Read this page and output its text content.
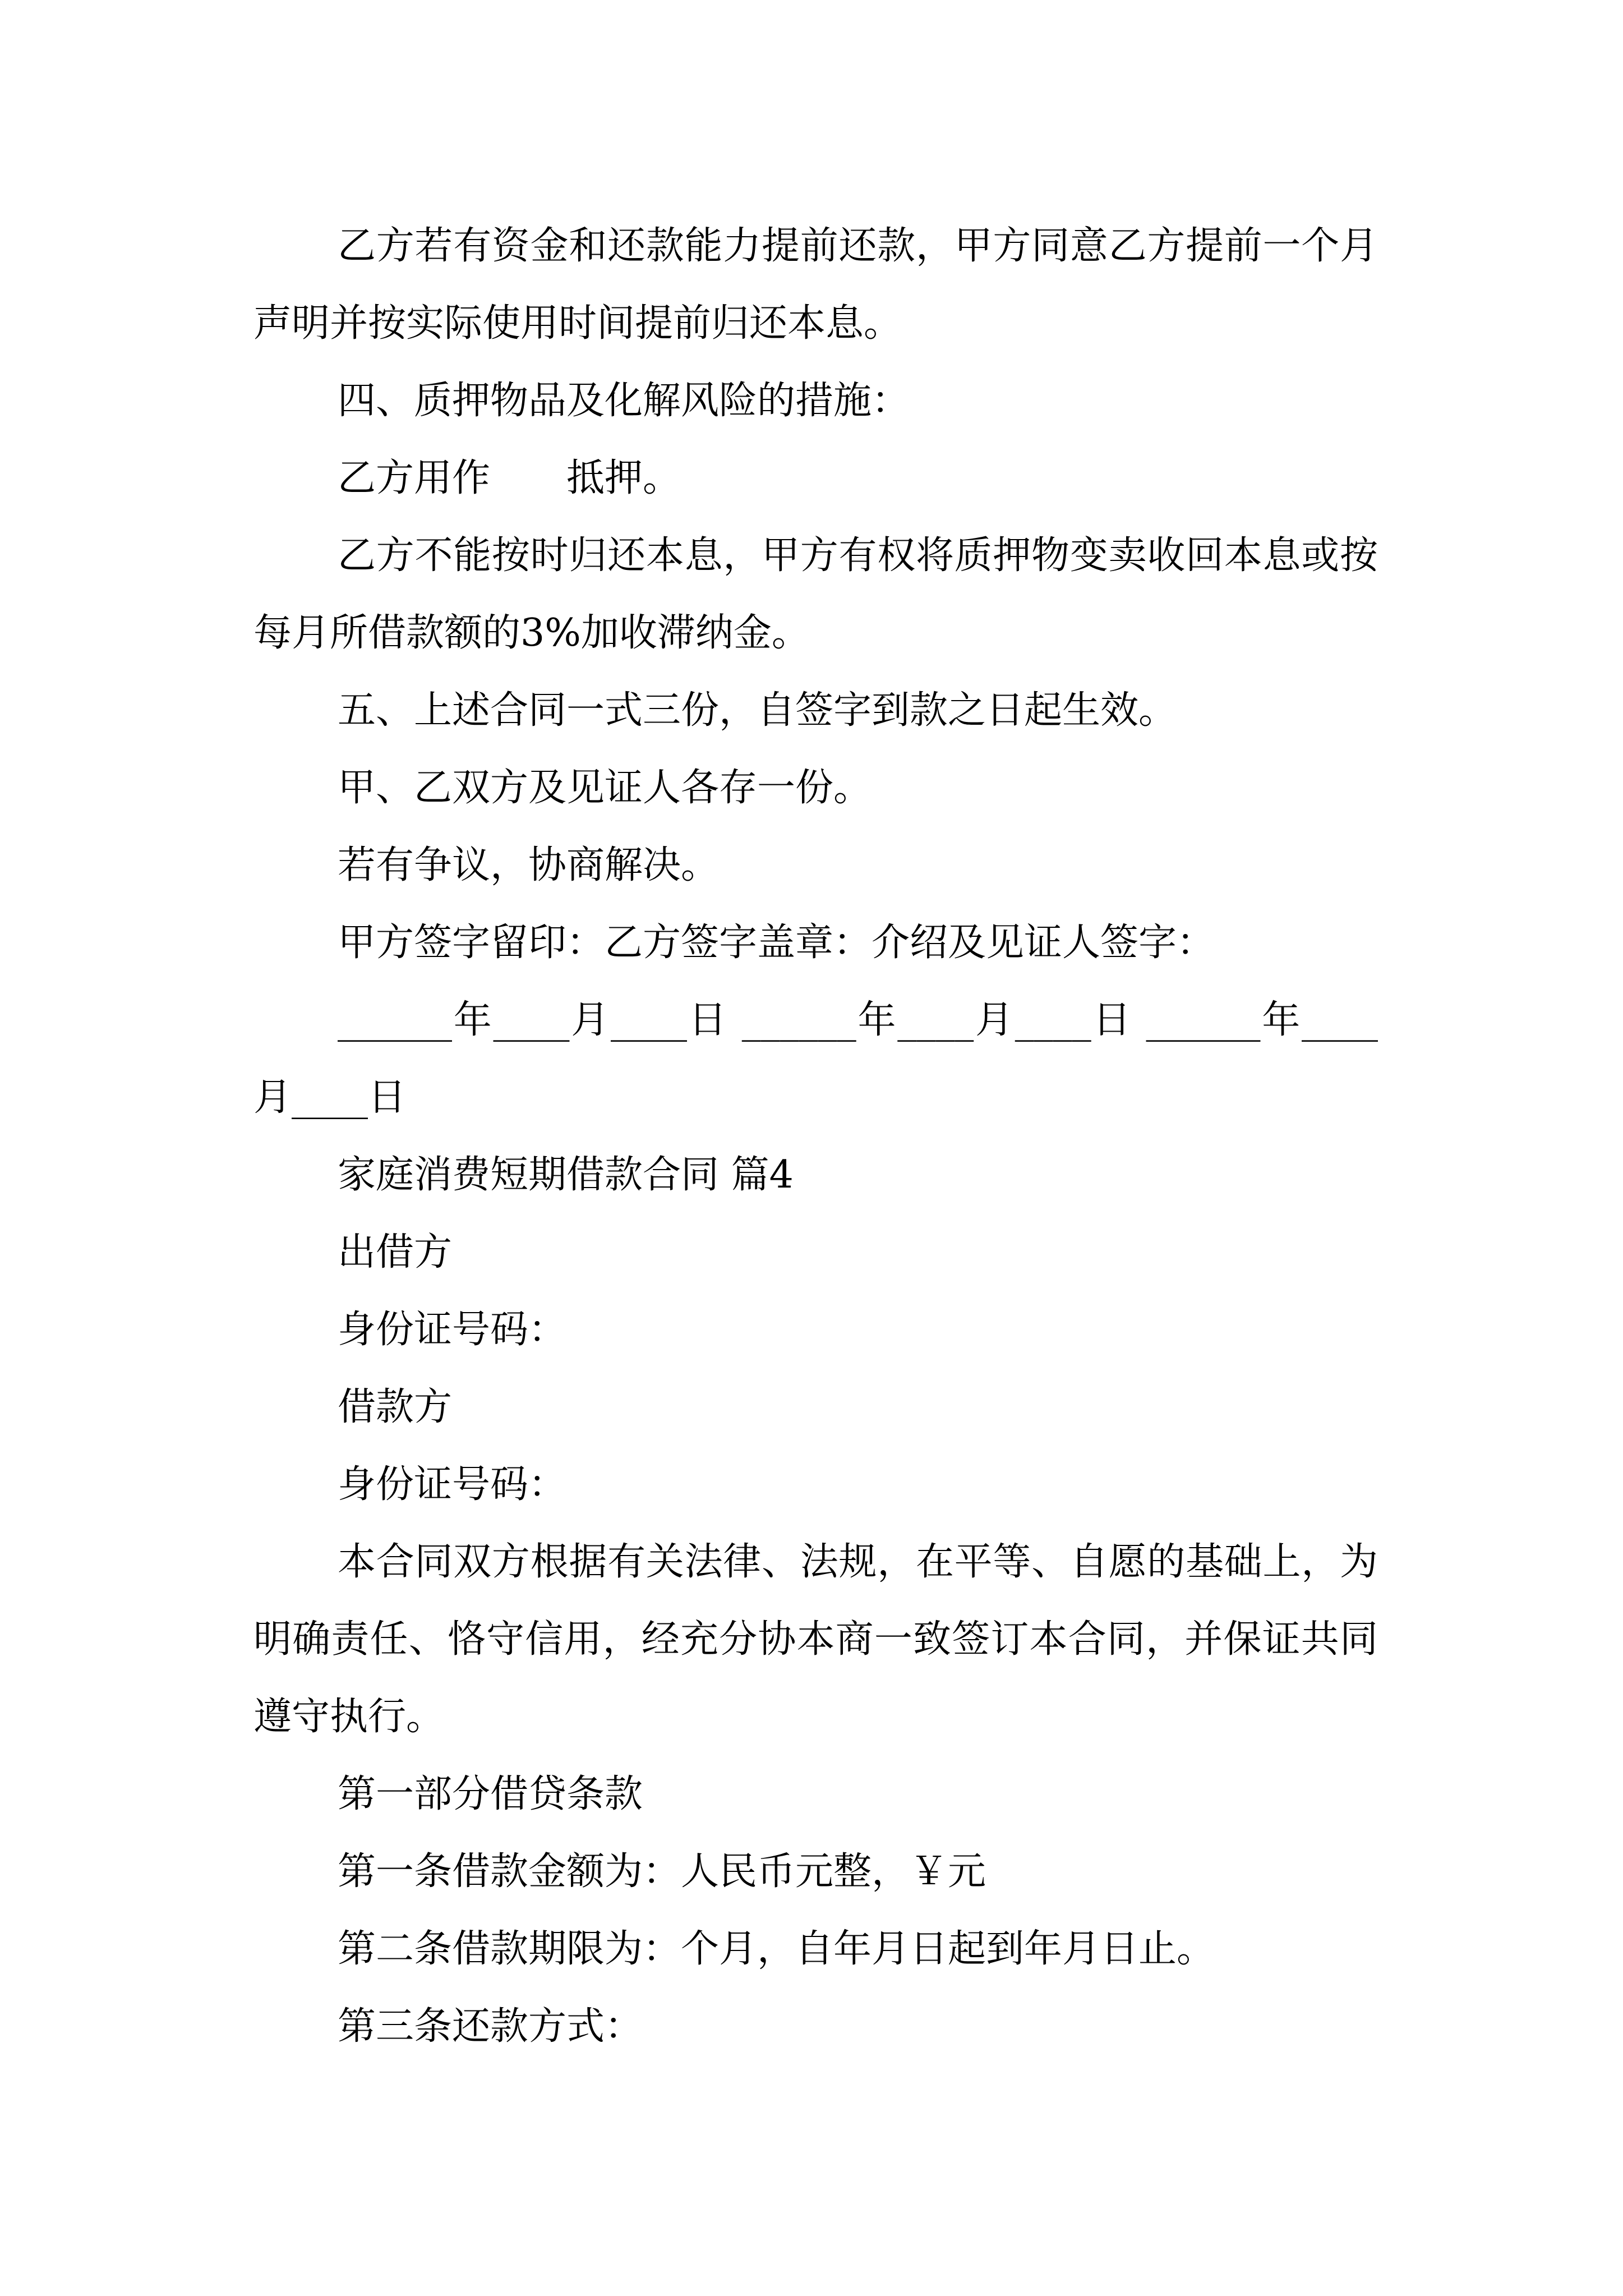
乙方若有资金和还款能力提前还款，甲方同意乙方提前一个月声明并按实际使用时间提前归还本息。

四、质押物品及化解风险的措施：

乙方用作　　抵押。

乙方不能按时归还本息，甲方有权将质押物变卖收回本息或按每月所借款额的3%加收滞纳金。

五、上述合同一式三份，自签字到款之日起生效。

甲、乙双方及见证人各存一份。

若有争议，协商解决。

甲方签字留印：乙方签字盖章：介绍及见证人签字：

______年____月____日 ______年____月____日 ______年____月____日

家庭消费短期借款合同 篇4

出借方

身份证号码：

借款方

身份证号码：

本合同双方根据有关法律、法规，在平等、自愿的基础上，为明确责任、恪守信用，经充分协本商一致签订本合同，并保证共同遵守执行。

第一部分借贷条款

第一条借款金额为：人民币元整，￥元

第二条借款期限为：个月，自年月日起到年月日止。

第三条还款方式：
